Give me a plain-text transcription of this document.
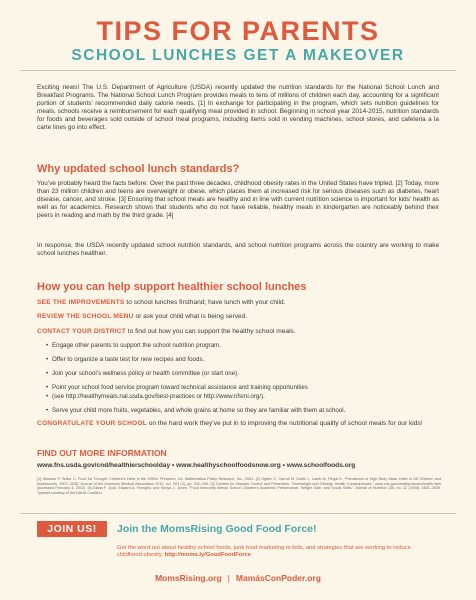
TIPS FOR PARENTS
SCHOOL LUNCHES GET A MAKEOVER

Exciting news! The U.S. Department of Agriculture (USDA) recently updated the nutrition standards for the National School Lunch and Breakfast Programs. The National School Lunch Program provides meals to tens of millions of children each day, accounting for a significant portion of students’ recommended daily calorie needs. [1] In exchange for participating in the program, which sets nutrition guidelines for meals, schools receive a reimbursement for each qualifying meal provided in school. Beginning in school year 2014-2015, nutrition standards for foods and beverages sold outside of school meal programs, including items sold in vending machines, school stores, and cafeteria a la carte lines go into effect.

Why updated school lunch standards?

You’ve probably heard the facts before: Over the past three decades, childhood obesity rates in the United States have tripled. [2] Today, more than 23 million children and teens are overweight or obese, which places them at increased risk for serious diseases such as diabetes, heart disease, cancer, and stroke. [3] Ensuring that school meals are healthy and in line with current nutrition science is important for kids’ health as well as for academics. Research shows that students who do not have reliable, healthy meals in kindergarten are noticeably behind their peers in reading and math by the third grade. [4]

In response, the USDA recently updated school nutrition standards, and school nutrition programs across the country are working to make school lunches healthier.

How you can help support healthier school lunches
SEE THE IMPROVEMENTS to school lunches firsthand; have lunch with your child.
REVIEW THE SCHOOL MENU or ask your child what is being served.
CONTACT YOUR DISTRICT to find out how you can support the healthy school meals.
• Engage other parents to support the school nutrition program.
• Offer to organize a taste test for new recipes and foods.
• Join your school’s wellness policy or health committee (or start one).
• Point your school food service program toward technical assistance and training opportunities
• (see http://healthymeals.nal.usda.gov/best-practices or http://www.nfsmi.org/).
• Serve your child more fruits, vegetables, and whole grains at home so they are familiar with them at school.
CONGRATULATE YOUR SCHOOL on the hard work they’ve put in to improving the nutritional quality of school meals for our kids!
FIND OUT MORE INFORMATION
www.fns.usda.gov/cnd/healthierschoolday • www.healthyschoolfoodsnow.org • www.schoolfoods.org
[1] Gleason P, Suitor C. Food for Thought: Children’s Diets in the 1990s. Princeton, NJ: Mathematica Policy Research, Inc.; 2001. [2] Ogden C, Carroll M, Curtin L, Lamb M, Flegal K. “Prevalence of High Body Mass Index in US Children and Adolescents, 2007–2008.”Journal of the American Medical Association 2010; vol. 303 (3), pp. 242–249. [3] Centers for Disease Control and Prevention. “Overweight and Obesity: Health Consequences.” www.cdc.gov/obesity/causes/health.html (accessed February 3, 2012). [4] Diana F. Jyoti, Edward A. Frongillo, and Sonya J. Jones. “Food Insecurity Affects School Children’s Academic Performance, Weight Gain, and Social Skills.” Journal of Nutrition 135, no. 12 (2005): 2831–2839. Typeset courtesy of the NAHA Coalition.
JOIN US!	Join the MomsRising Good Food Force!
Get the word out about healthy school foods, junk food marketing to kids, and strategies that are working to reduce childhood obesity. http://moms.ly/GoodFoodForce
MomsRising.org | MamásConPoder.org
